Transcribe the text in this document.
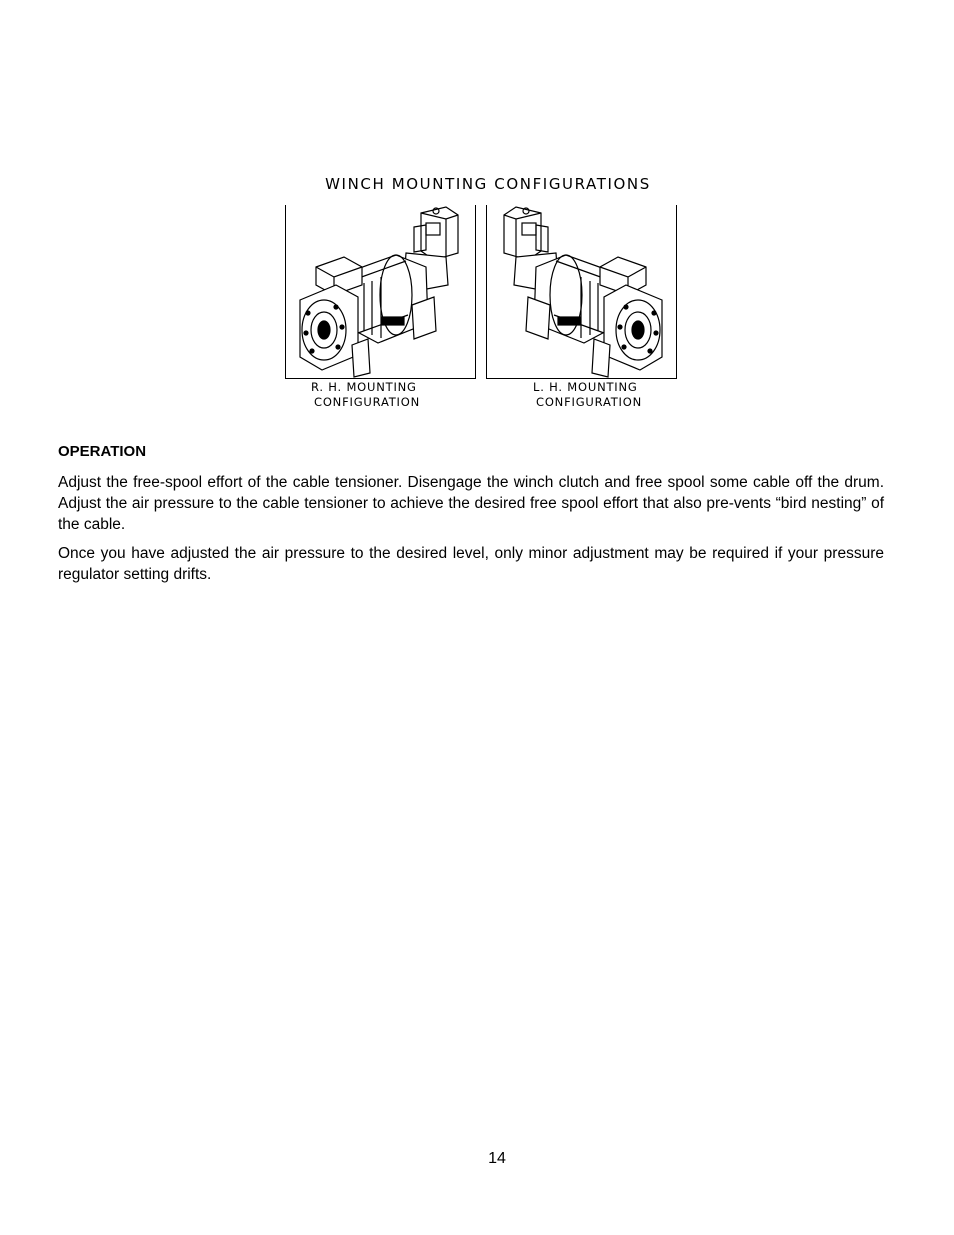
WINCH MOUNTING CONFIGURATIONS
R. H. MOUNTING
CONFIGURATION
L. H. MOUNTING
CONFIGURATION
OPERATION

Adjust the free-spool effort of the cable tensioner. Disengage the winch clutch and free spool some cable off the drum. Adjust the air pressure to the cable tensioner to achieve the desired free spool effort that also pre-vents “bird nesting” of the cable.

Once you have adjusted the air pressure to the desired level, only minor adjustment may be required if your pressure regulator setting drifts.

14
